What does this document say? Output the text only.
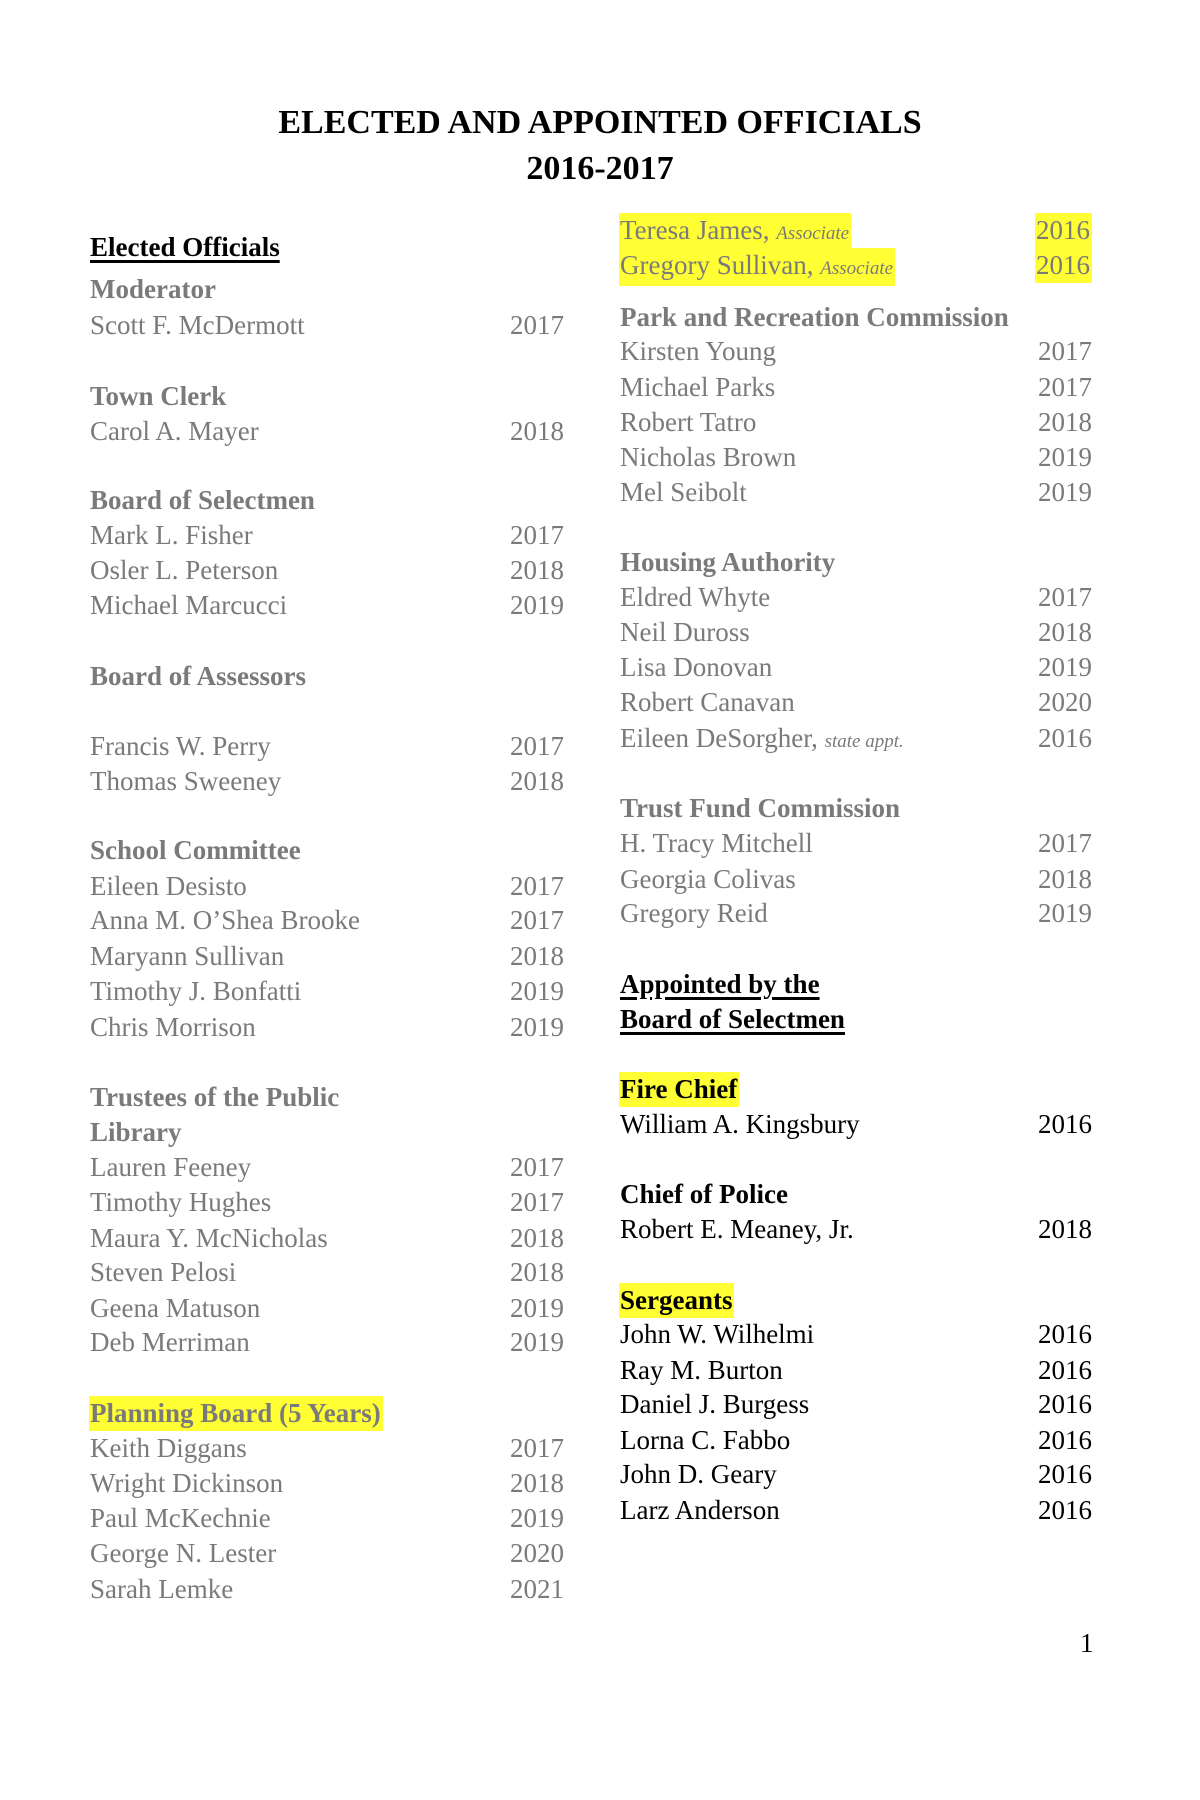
ELECTED AND APPOINTED OFFICIALS
2016-2017
Elected Officials
Moderator
Scott F. McDermott	2017
Town Clerk
Carol A. Mayer	2018
Board of Selectmen
Mark L. Fisher	2017
Osler L. Peterson	2018
Michael Marcucci	2019
Board of Assessors
Francis W. Perry	2017
Thomas Sweeney	2018
School Committee
Eileen Desisto	2017
Anna M. O’Shea Brooke	2017
Maryann Sullivan	2018
Timothy J. Bonfatti	2019
Chris Morrison	2019
Trustees of the Public
Library
Lauren Feeney	2017
Timothy Hughes	2017
Maura Y. McNicholas	2018
Steven Pelosi	2018
Geena Matuson	2019
Deb Merriman	2019
Planning Board (5 Years)
Keith Diggans	2017
Wright Dickinson	2018
Paul McKechnie	2019
George N. Lester	2020
Sarah Lemke	2021
Teresa James, Associate	2016
Gregory Sullivan, Associate	2016
Park and Recreation Commission
Kirsten Young	2017
Michael Parks	2017
Robert Tatro	2018
Nicholas Brown	2019
Mel Seibolt	2019
Housing Authority
Eldred Whyte	2017
Neil Duross	2018
Lisa Donovan	2019
Robert Canavan	2020
Eileen DeSorgher, state appt.	2016
Trust Fund Commission
H. Tracy Mitchell	2017
Georgia Colivas	2018
Gregory Reid	2019
Appointed by the
Board of Selectmen
Fire Chief
William A. Kingsbury	2016
Chief of Police
Robert E. Meaney, Jr.	2018
Sergeants
John W. Wilhelmi	2016
Ray M. Burton	2016
Daniel J. Burgess	2016
Lorna C. Fabbo	2016
John D. Geary	2016
Larz Anderson	2016
1
